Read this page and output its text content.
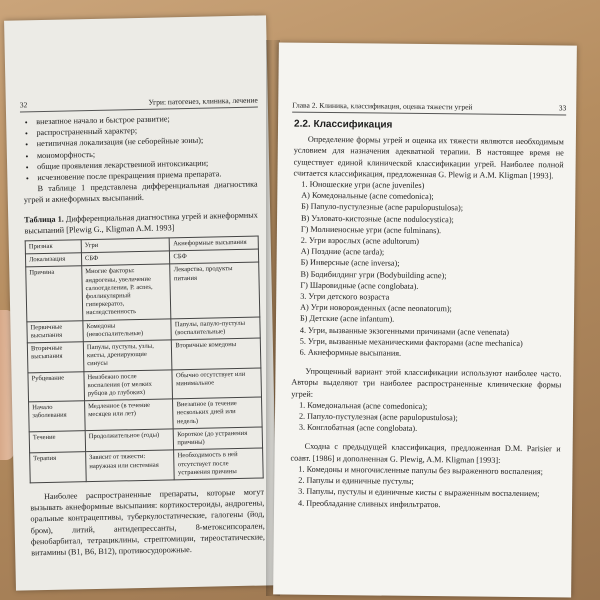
32	Угри: патогенез, клиника, лечение
• внезапное начало и быстрое развитие;
• распространенный характер;
• нетипичная локализация (не себорейные зоны);
• мономорфность;
• общие проявления лекарственной интоксикации;
• исчезновение после прекращения приема препарата.

В таблице 1 представлена дифференциальная диагностика угрей и акнеформных высыпаний.

Таблица 1. Дифференциальная диагностика угрей и акнеформных высыпаний [Plewig G., Kligman A.M. 1993]
Признак	Угри	Акнеформные высыпания
Локализация	СБФ	СБФ
Причина	Многие факторы: андрогены, увеличение салоотделения, P. acnes, фолликулярный гиперкератоз, наследственность	Лекарства, продукты питания
Первичные высыпания	Комедоны (невоспалительные)	Папулы, папуло-пустулы (воспалительные)
Вторичные высыпания	Папулы, пустулы, узлы, кисты, дренирующие синусы	Вторичные комедоны
Рубцевание	Неизбежно после воспаления (от мелких рубцов до глубоких)	Обычно отсутствует или минимальное
Начало заболевания	Медленное (в течение месяцев или лет)	Внезапное (в течение нескольких дней или недель)
Течение	Продолжительное (годы)	Короткое (до устранения причины)
Терапия	Зависит от тяжести: наружная или системная	Необходимость в ней отсутствует после устранения причины

Наиболее распространенные препараты, которые могут вызывать акнеформные высыпания: кортикостероиды, андрогены, оральные контрацептивы, туберкулостатические, галогены (йод, бром), литий, антидепрессанты, 8-метоксипсорален, фенобарбитал, тетрациклины, стрептомицин, тиреостатические, витамины (В1, В6, В12), противосудорожные.

Глава 2. Клиника, классификация, оценка тяжести угрей	33
2.2. Классификация

Определение формы угрей и оценка их тяжести являются необходимым условием для назначения адекватной терапии. В настоящее время не существует единой клинической классификации угрей. Наиболее полной считается классификация, предложенная G. Plewig и A.M. Kligman [1993].

1. Юношеские угри (acne juveniles)
А) Комедональные (acne comedonica);
Б) Папуло-пустулезные (acne papulopustulosa);
В) Узловато-кистозные (acne nodulocystica);
Г) Молниеносные угри (acne fulminans).
2. Угри взрослых (acne adultorum)
А) Поздние (acne tarda);
Б) Инверсные (acne inversa);
В) Бодибилдинг угри (Bodybuilding acne);
Г) Шаровидные (acne conglobata).
3. Угри детского возраста
А) Угри новорожденных (acne neonatorum);
Б) Детские (acne infantum).
4. Угри, вызванные экзогенными причинами (acne venenata)
5. Угри, вызванные механическими факторами (acne mechanica)
6. Акнеформные высыпания.

Упрощенный вариант этой классификации используют наиболее часто. Авторы выделяют три наиболее распространенные клинические формы угрей:

1. Комедональная (acne comedonica);
2. Папуло-пустулезная (acne papulopustulosa);
3. Конглобатная (acne conglobata).

Сходна с предыдущей классификация, предложенная D.M. Parisier и соавт. [1986] и дополненная G. Plewig, A.M. Kligman [1993]:

1. Комедоны и многочисленные папулы без выраженного воспаления;
2. Папулы и единичные пустулы;
3. Папулы, пустулы и единичные кисты с выраженным воспалением;
4. Преобладание сливных инфильтратов.
